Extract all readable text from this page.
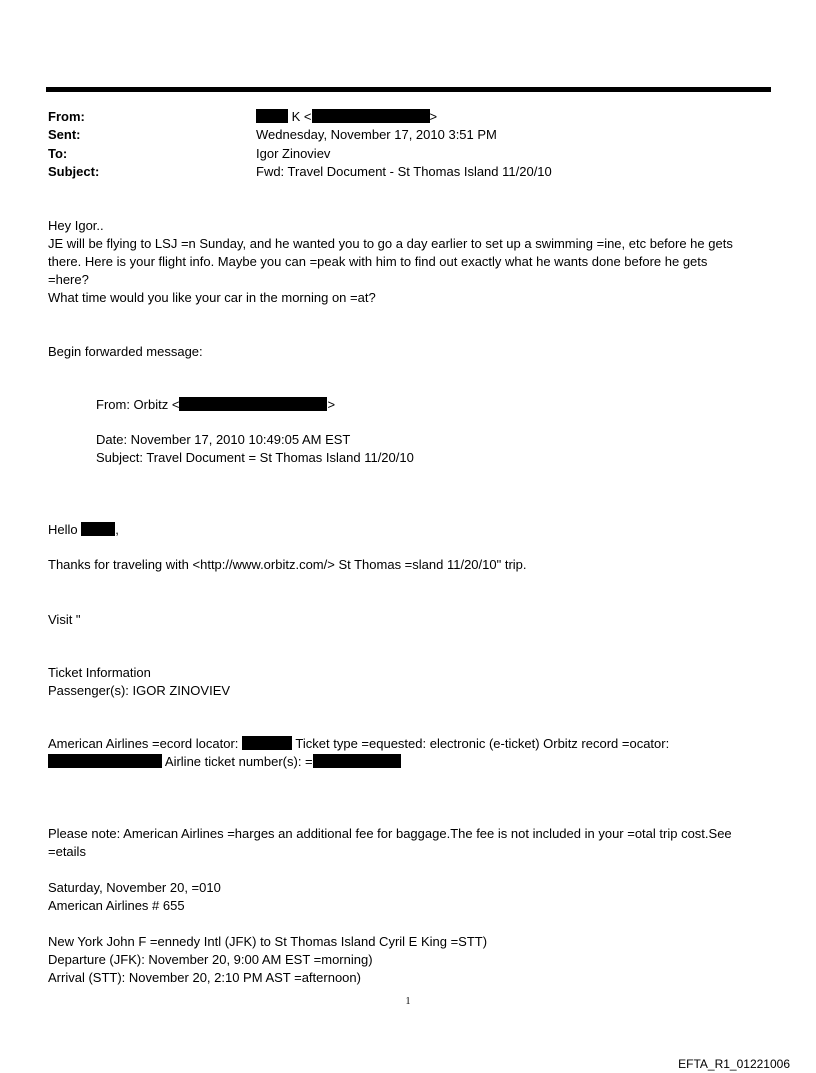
From:	K <	>
Sent:	Wednesday, November 17, 2010 3:51 PM
To:	Igor Zinoviev
Subject:	Fwd: Travel Document - St Thomas Island 11/20/10
Hey Igor..
JE will be flying to LSJ =n Sunday, and he wanted you to go a day earlier to set up a swimming =ine, etc before he gets
there. Here is your flight info. Maybe you can =peak with him to find out exactly what he wants done before he gets
=here?
What time would you like your car in the morning on =at?
Begin forwarded message:
From: Orbitz <	>
Date: November 17, 2010 10:49:05 AM EST
Subject: Travel Document = St Thomas Island 11/20/10
Hello	,
Thanks for traveling with <http://www.orbitz.com/> St Thomas =sland 11/20/10" trip.
Visit "
Ticket Information
Passenger(s): IGOR ZINOVIEV
American Airlines =ecord locator:	Ticket type =equested: electronic (e-ticket) Orbitz record =ocator:
Airline ticket number(s): =
Please note: American Airlines =harges an additional fee for baggage.The fee is not included in your =otal trip cost.See
=etails
Saturday, November 20, =010
American Airlines # 655
New York John F =ennedy Intl (JFK) to St Thomas Island Cyril E King =STT)
Departure (JFK): November 20, 9:00 AM EST =morning)
Arrival (STT): November 20, 2:10 PM AST =afternoon)
1
EFTA_R1_01221006
